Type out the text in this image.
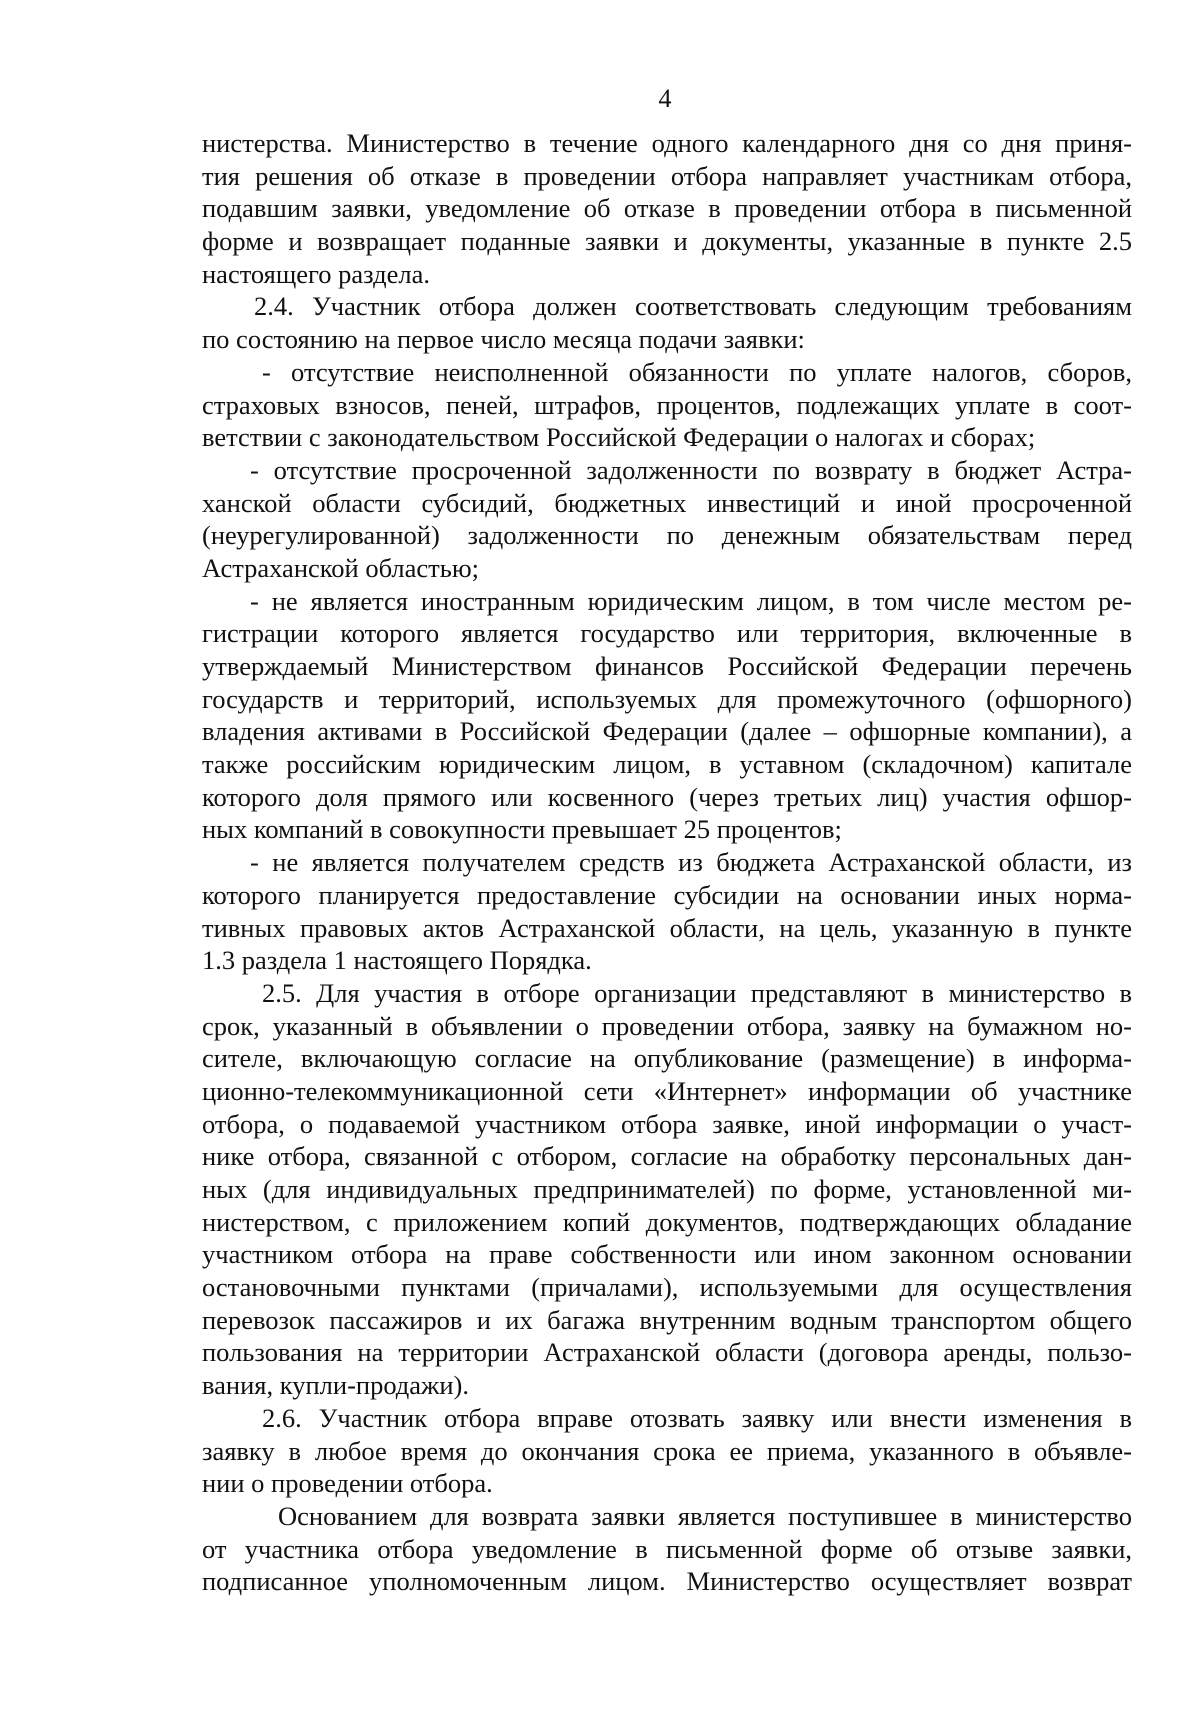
4
нистерства. Министерство в течение одного календарного дня со дня приня-
тия решения об отказе в проведении отбора направляет участникам отбора,
подавшим заявки, уведомление об отказе в проведении отбора в письменной
форме и возвращает поданные заявки и документы, указанные в пункте 2.5
настоящего раздела.
2.4. Участник отбора должен соответствовать следующим требованиям
по состоянию на первое число месяца подачи заявки:
- отсутствие неисполненной обязанности по уплате налогов, сборов,
страховых взносов, пеней, штрафов, процентов, подлежащих уплате в соот-
ветствии с законодательством Российской Федерации о налогах и сборах;
- отсутствие просроченной задолженности по возврату в бюджет Астра-
ханской области субсидий, бюджетных инвестиций и иной просроченной
(неурегулированной) задолженности по денежным обязательствам перед
Астраханской областью;
- не является иностранным юридическим лицом, в том числе местом ре-
гистрации которого является государство или территория, включенные в
утверждаемый Министерством финансов Российской Федерации перечень
государств и территорий, используемых для промежуточного (офшорного)
владения активами в Российской Федерации (далее – офшорные компании), а
также российским юридическим лицом, в уставном (складочном) капитале
которого доля прямого или косвенного (через третьих лиц) участия офшор-
ных компаний в совокупности превышает 25 процентов;
- не является получателем средств из бюджета Астраханской области, из
которого планируется предоставление субсидии на основании иных норма-
тивных правовых актов Астраханской области, на цель, указанную в пункте
1.3 раздела 1 настоящего Порядка.
2.5. Для участия в отборе организации представляют в министерство в
срок, указанный в объявлении о проведении отбора, заявку на бумажном но-
сителе, включающую согласие на опубликование (размещение) в информа-
ционно-телекоммуникационной сети «Интернет» информации об участнике
отбора, о подаваемой участником отбора заявке, иной информации о участ-
нике отбора, связанной с отбором, согласие на обработку персональных дан-
ных (для индивидуальных предпринимателей) по форме, установленной ми-
нистерством, с приложением копий документов, подтверждающих обладание
участником отбора на праве собственности или ином законном основании
остановочными пунктами (причалами), используемыми для осуществления
перевозок пассажиров и их багажа внутренним водным транспортом общего
пользования на территории Астраханской области (договора аренды, пользо-
вания, купли-продажи).
2.6. Участник отбора вправе отозвать заявку или внести изменения в
заявку в любое время до окончания срока ее приема, указанного в объявле-
нии о проведении отбора.
Основанием для возврата заявки является поступившее в министерство
от участника отбора уведомление в письменной форме об отзыве заявки,
подписанное уполномоченным лицом. Министерство осуществляет возврат
